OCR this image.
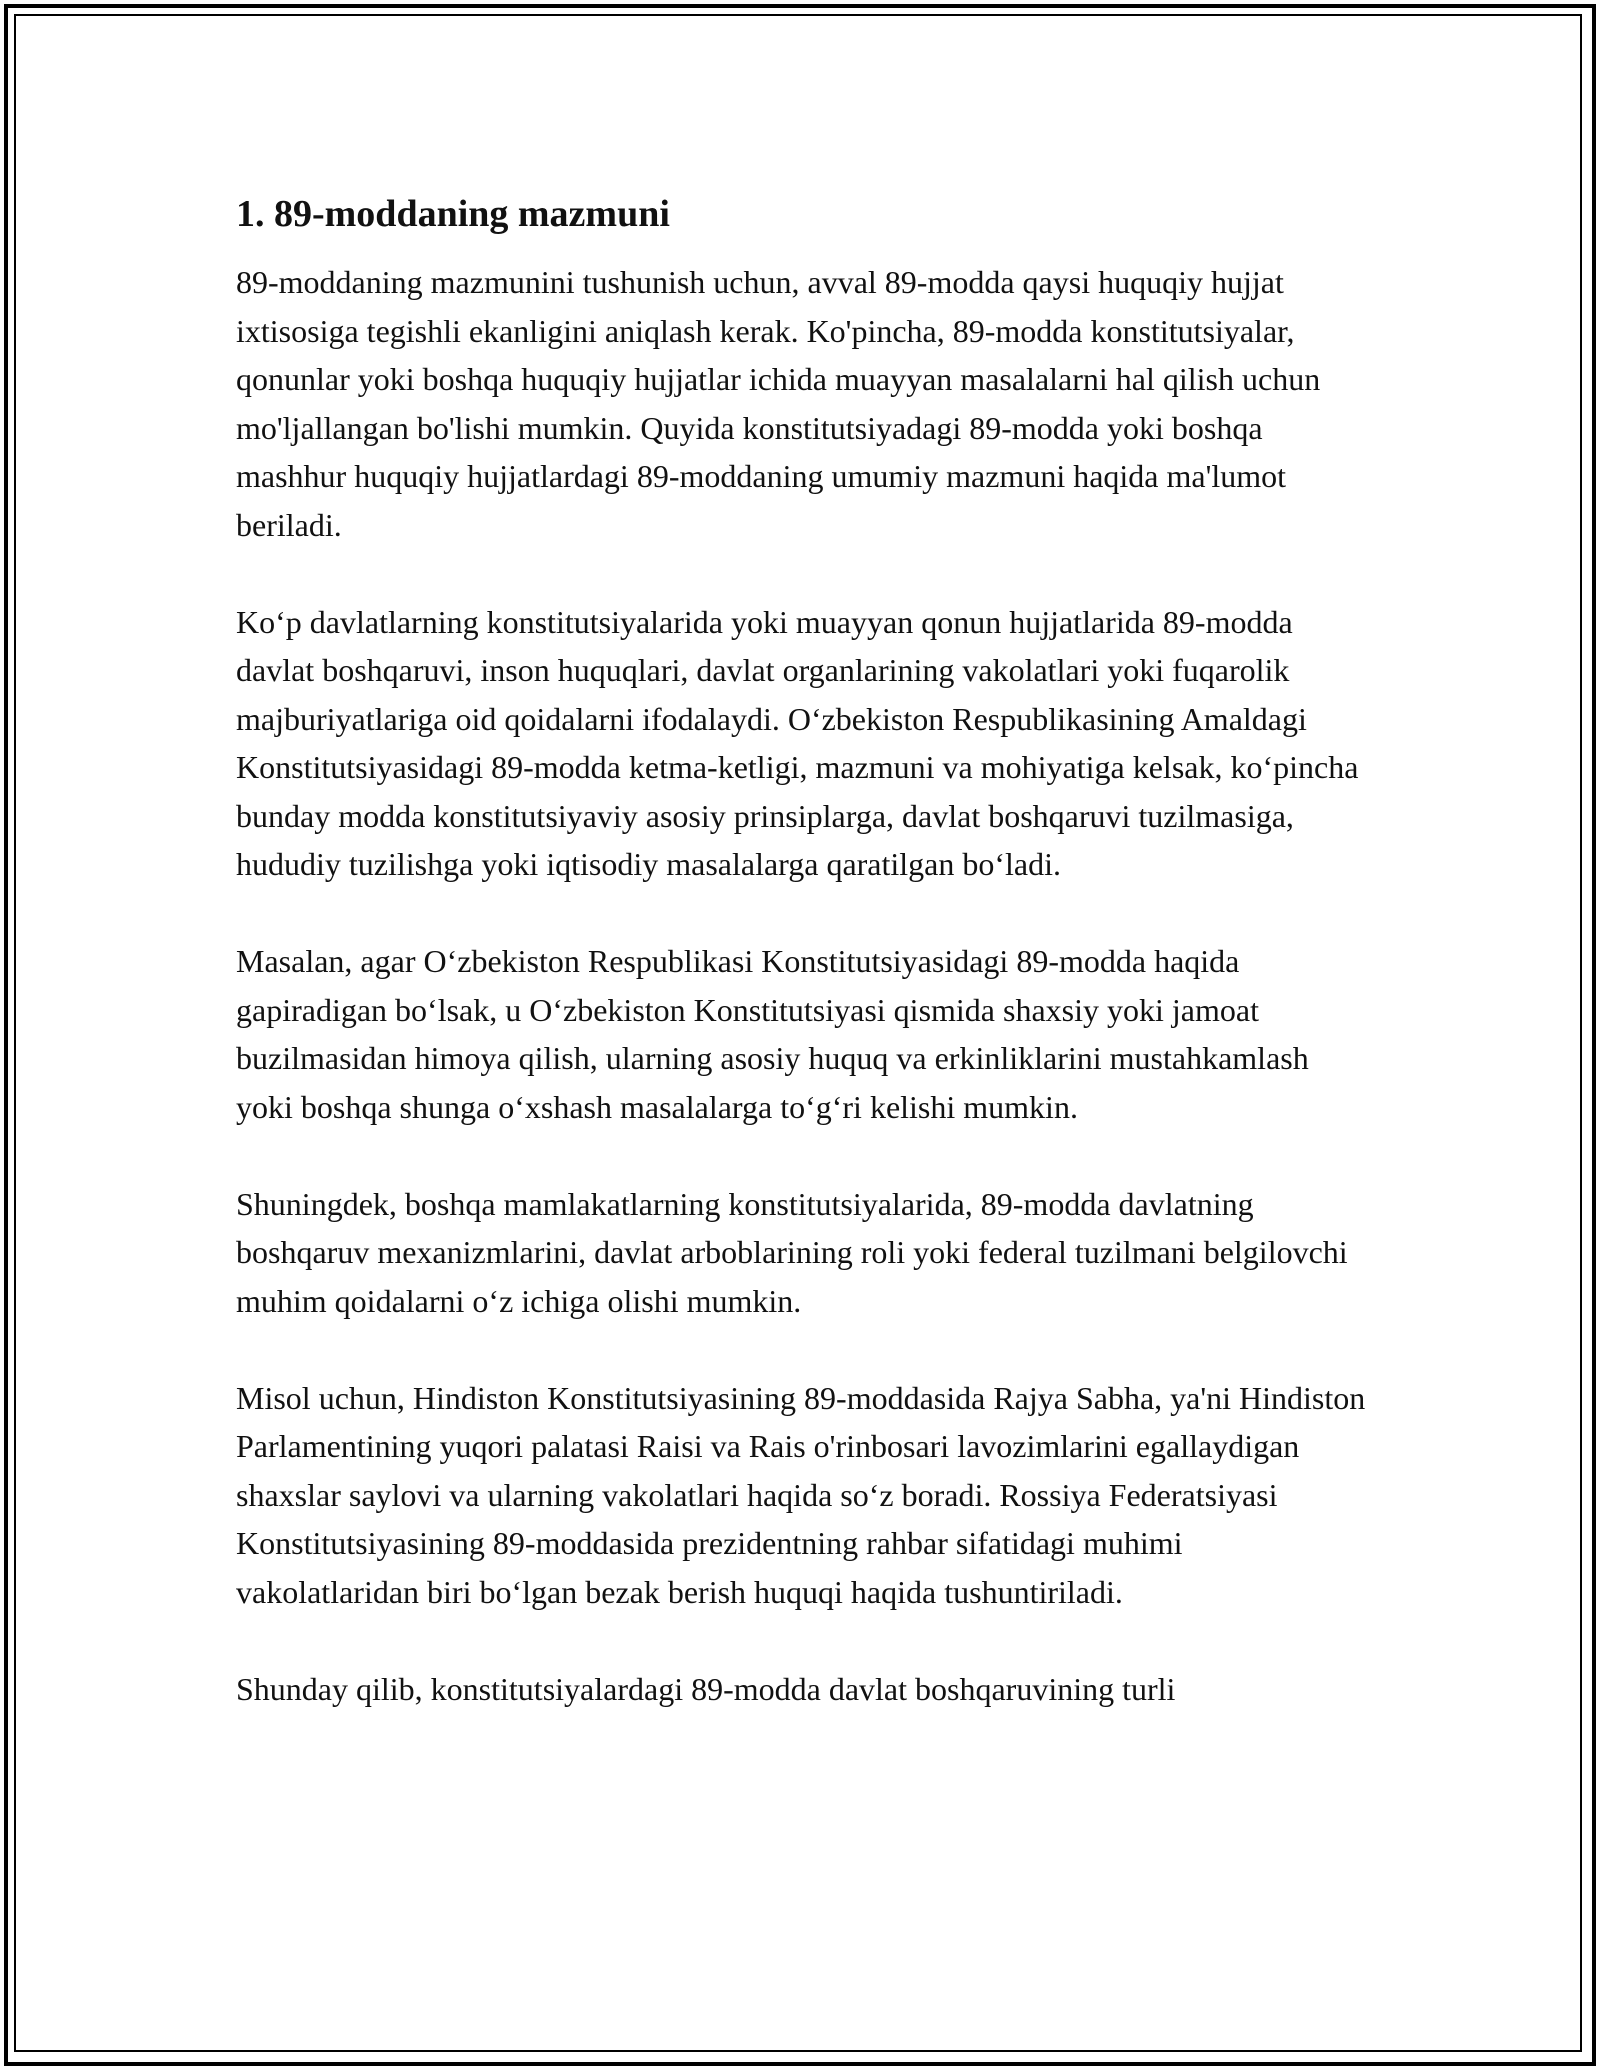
1. 89-moddaning mazmuni

89-moddaning mazmunini tushunish uchun, avval 89-modda qaysi huquqiy hujjat ixtisosiga tegishli ekanligini aniqlash kerak. Ko'pincha, 89-modda konstitutsiyalar, qonunlar yoki boshqa huquqiy hujjatlar ichida muayyan masalalarni hal qilish uchun mo'ljallangan bo'lishi mumkin. Quyida konstitutsiyadagi 89-modda yoki boshqa mashhur huquqiy hujjatlardagi 89-moddaning umumiy mazmuni haqida ma'lumot beriladi.

Koʻp davlatlarning konstitutsiyalarida yoki muayyan qonun hujjatlarida 89-modda davlat boshqaruvi, inson huquqlari, davlat organlarining vakolatlari yoki fuqarolik majburiyatlariga oid qoidalarni ifodalaydi. Oʻzbekiston Respublikasining Amaldagi Konstitutsiyasidagi 89-modda ketma-ketligi, mazmuni va mohiyatiga kelsak, koʻpincha bunday modda konstitutsiyaviy asosiy prinsiplarga, davlat boshqaruvi tuzilmasiga, hududiy tuzilishga yoki iqtisodiy masalalarga qaratilgan boʻladi.

Masalan, agar Oʻzbekiston Respublikasi Konstitutsiyasidagi 89-modda haqida gapiradigan boʻlsak, u Oʻzbekiston Konstitutsiyasi qismida shaxsiy yoki jamoat buzilmasidan himoya qilish, ularning asosiy huquq va erkinliklarini mustahkamlash yoki boshqa shunga oʻxshash masalalarga toʻgʻri kelishi mumkin.

Shuningdek, boshqa mamlakatlarning konstitutsiyalarida, 89-modda davlatning boshqaruv mexanizmlarini, davlat arboblarining roli yoki federal tuzilmani belgilovchi muhim qoidalarni oʻz ichiga olishi mumkin.

Misol uchun, Hindiston Konstitutsiyasining 89-moddasida Rajya Sabha, ya'ni Hindiston Parlamentining yuqori palatasi Raisi va Rais o'rinbosari lavozimlarini egallaydigan shaxslar saylovi va ularning vakolatlari haqida soʻz boradi. Rossiya Federatsiyasi Konstitutsiyasining 89-moddasida prezidentning rahbar sifatidagi muhimi vakolatlaridan biri boʻlgan bezak berish huquqi haqida tushuntiriladi.

Shunday qilib, konstitutsiyalardagi 89-modda davlat boshqaruvining turli
